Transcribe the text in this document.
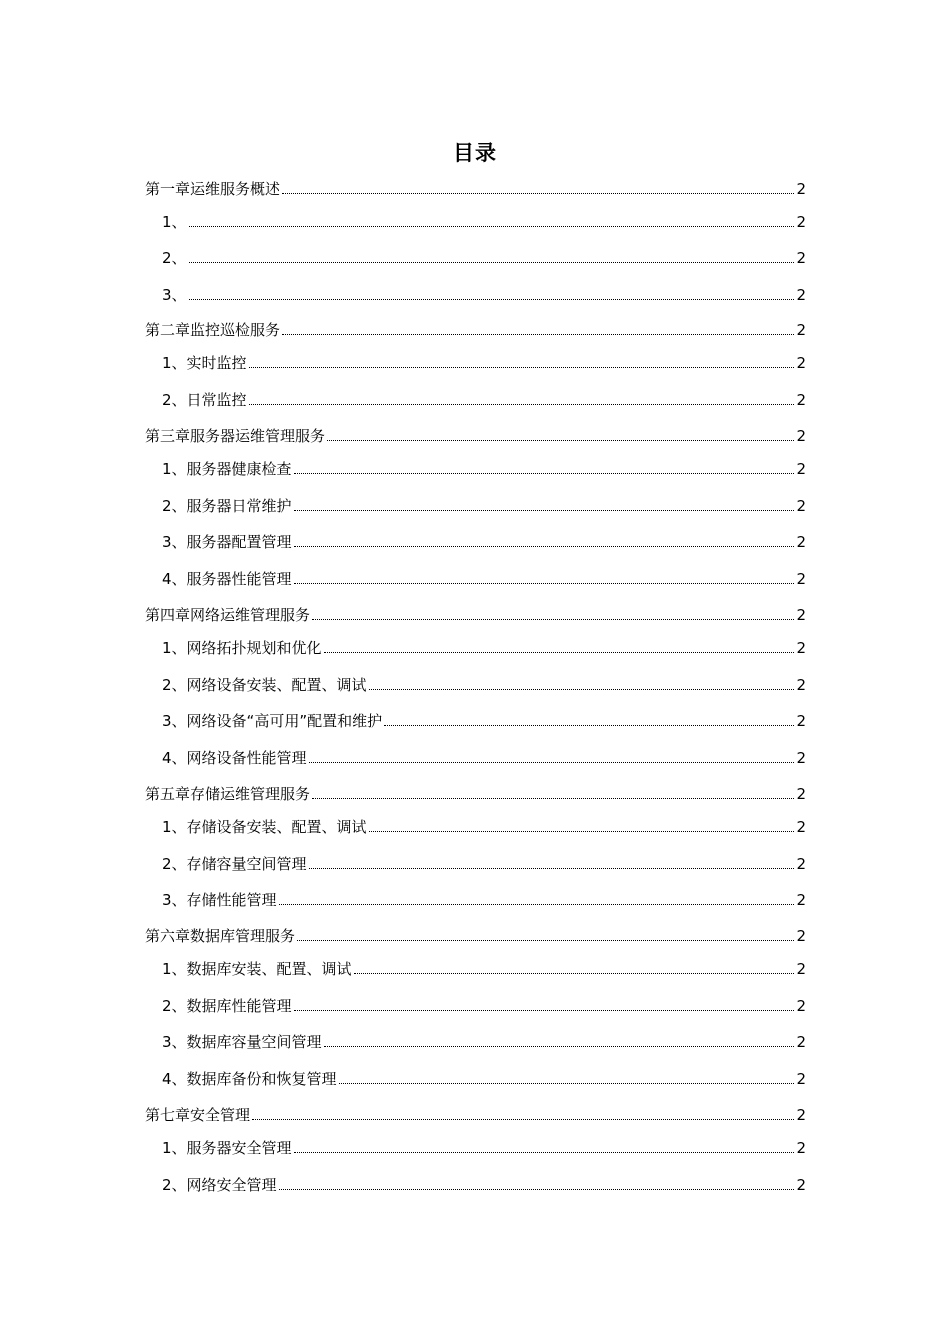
目录
第一章运维服务概述	2
1、	2
2、	2
3、	2
第二章监控巡检服务	2
1、实时监控	2
2、日常监控	2
第三章服务器运维管理服务	2
1、服务器健康检查	2
2、服务器日常维护	2
3、服务器配置管理	2
4、服务器性能管理	2
第四章网络运维管理服务	2
1、网络拓扑规划和优化	2
2、网络设备安装、配置、调试	2
3、网络设备“高可用”配置和维护	2
4、网络设备性能管理	2
第五章存储运维管理服务	2
1、存储设备安装、配置、调试	2
2、存储容量空间管理	2
3、存储性能管理	2
第六章数据库管理服务	2
1、数据库安装、配置、调试	2
2、数据库性能管理	2
3、数据库容量空间管理	2
4、数据库备份和恢复管理	2
第七章安全管理	2
1、服务器安全管理	2
2、网络安全管理	2
